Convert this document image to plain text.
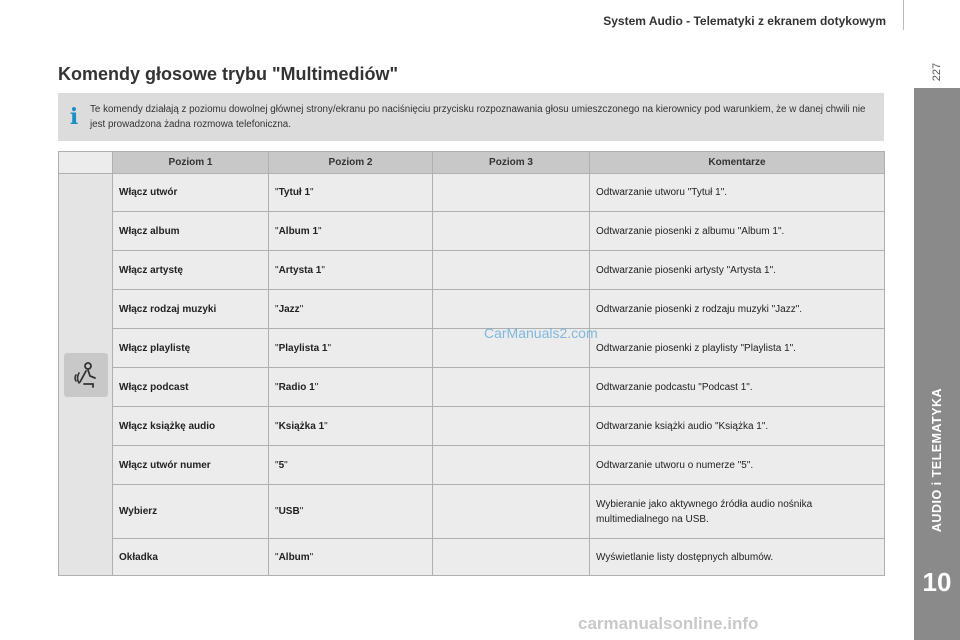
System Audio - Telematyki z ekranem dotykowym
227
AUDIO i TELEMATYKA
10
Komendy głosowe trybu "Multimediów"
i Te komendy działają z poziomu dowolnej głównej strony/ekranu po naciśnięciu przycisku rozpoznawania głosu umieszczonego na kierownicy pod warunkiem, że w danej chwili nie jest prowadzona żadna rozmowa telefoniczna.
	Poziom 1	Poziom 2	Poziom 3	Komentarze

	Włącz utwór	"Tytuł 1"		Odtwarzanie utworu "Tytuł 1".
	Włącz album	"Album 1"		Odtwarzanie piosenki z albumu "Album 1".
	Włącz artystę	"Artysta 1"		Odtwarzanie piosenki artysty "Artysta 1".
	Włącz rodzaj muzyki	"Jazz"		Odtwarzanie piosenki z rodzaju muzyki "Jazz".
	Włącz playlistę	"Playlista 1"		Odtwarzanie piosenki z playlisty "Playlista 1".
	Włącz podcast	"Radio 1"		Odtwarzanie podcastu "Podcast 1".
	Włącz książkę audio	"Książka 1"		Odtwarzanie książki audio "Książka 1".
	Włącz utwór numer	"5"		Odtwarzanie utworu o numerze "5".
	Wybierz	"USB"		Wybieranie jako aktywnego źródła audio nośnika multimedialnego na USB.
	Okładka	"Album"		Wyświetlanie listy dostępnych albumów.
CarManuals2.com
carmanualsonline.info
